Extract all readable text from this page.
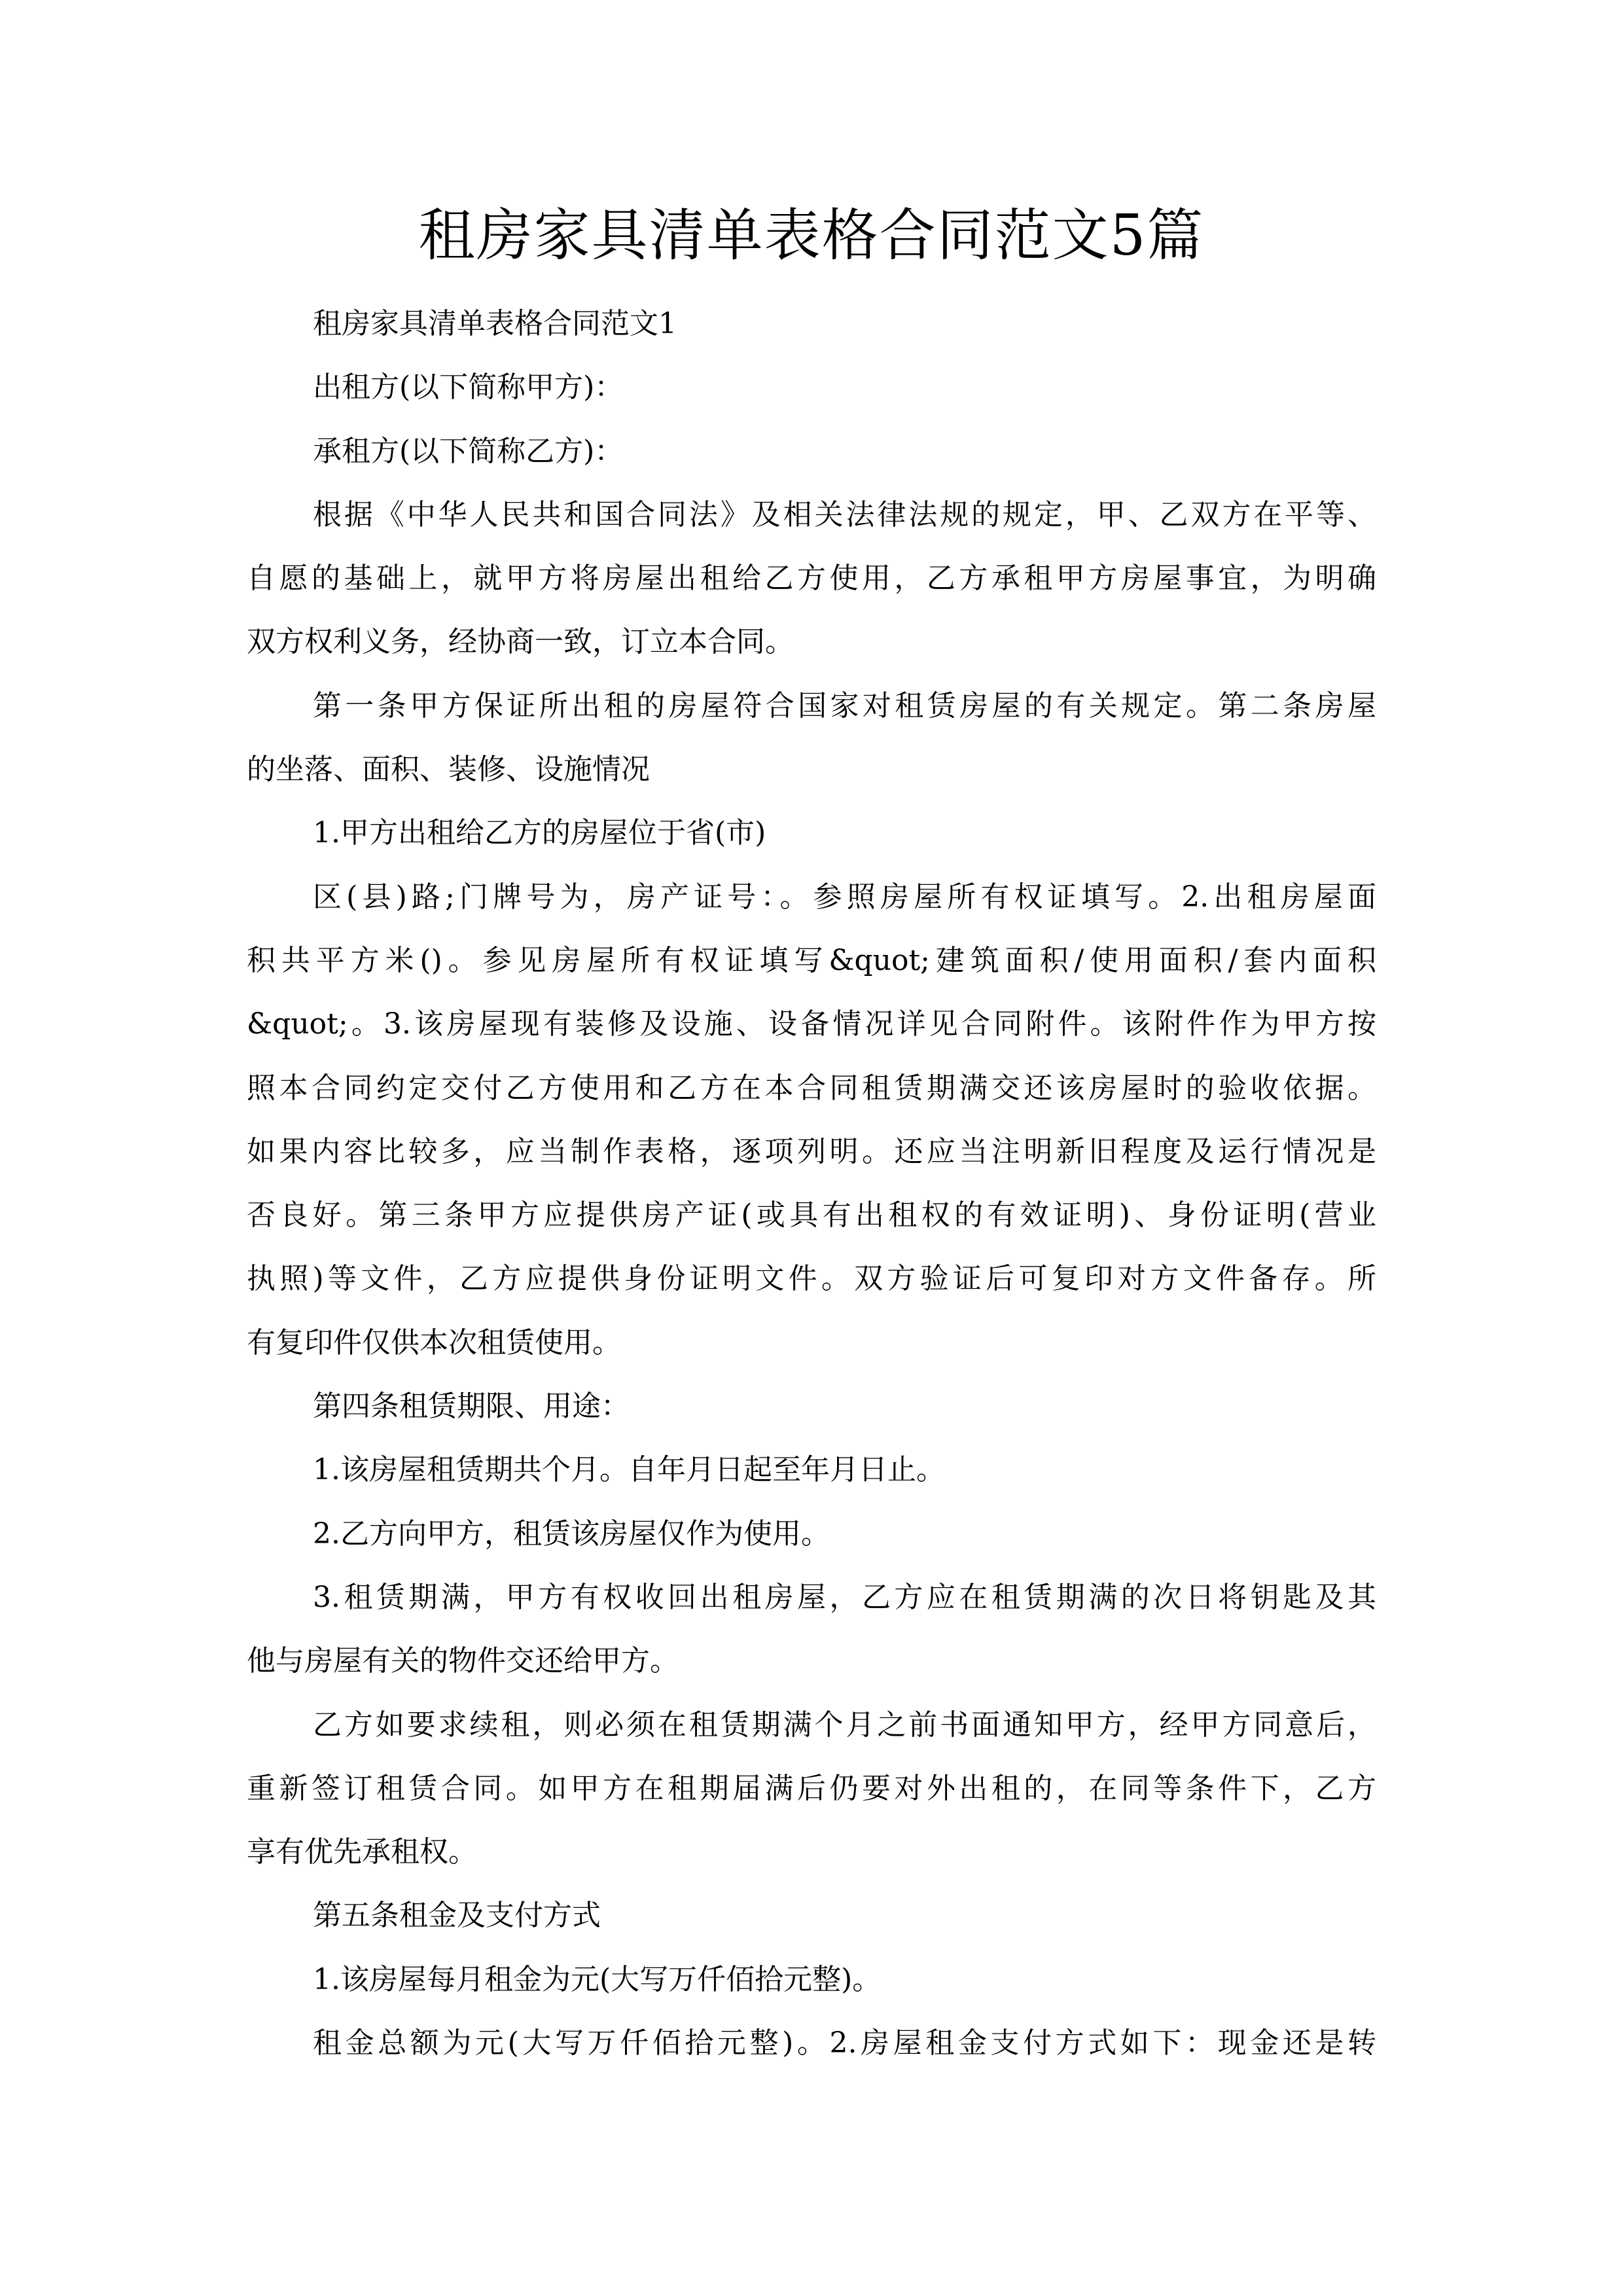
租房家具清单表格合同范文5篇
租房家具清单表格合同范文1
出租方(以下简称甲方)：
承租方(以下简称乙方)：
根据《中华人民共和国合同法》及相关法律法规的规定，甲、乙双方在平等、
自愿的基础上，就甲方将房屋出租给乙方使用，乙方承租甲方房屋事宜，为明确
双方权利义务，经协商一致，订立本合同。
第一条甲方保证所出租的房屋符合国家对租赁房屋的有关规定。第二条房屋
的坐落、面积、装修、设施情况
1.甲方出租给乙方的房屋位于省(市)
区(县)路;门牌号为，房产证号：。参照房屋所有权证填写。2.出租房屋面
积共平方米()。参见房屋所有权证填写&quot;建筑面积/使用面积/套内面积
&quot;。3.该房屋现有装修及设施、设备情况详见合同附件。该附件作为甲方按
照本合同约定交付乙方使用和乙方在本合同租赁期满交还该房屋时的验收依据。
如果内容比较多，应当制作表格，逐项列明。还应当注明新旧程度及运行情况是
否良好。第三条甲方应提供房产证(或具有出租权的有效证明)、身份证明(营业
执照)等文件，乙方应提供身份证明文件。双方验证后可复印对方文件备存。所
有复印件仅供本次租赁使用。
第四条租赁期限、用途：
1.该房屋租赁期共个月。自年月日起至年月日止。
2.乙方向甲方，租赁该房屋仅作为使用。
3.租赁期满，甲方有权收回出租房屋，乙方应在租赁期满的次日将钥匙及其
他与房屋有关的物件交还给甲方。
乙方如要求续租，则必须在租赁期满个月之前书面通知甲方，经甲方同意后，
重新签订租赁合同。如甲方在租期届满后仍要对外出租的，在同等条件下，乙方
享有优先承租权。
第五条租金及支付方式
1.该房屋每月租金为元(大写万仟佰拾元整)。
租金总额为元(大写万仟佰拾元整)。2.房屋租金支付方式如下：现金还是转
